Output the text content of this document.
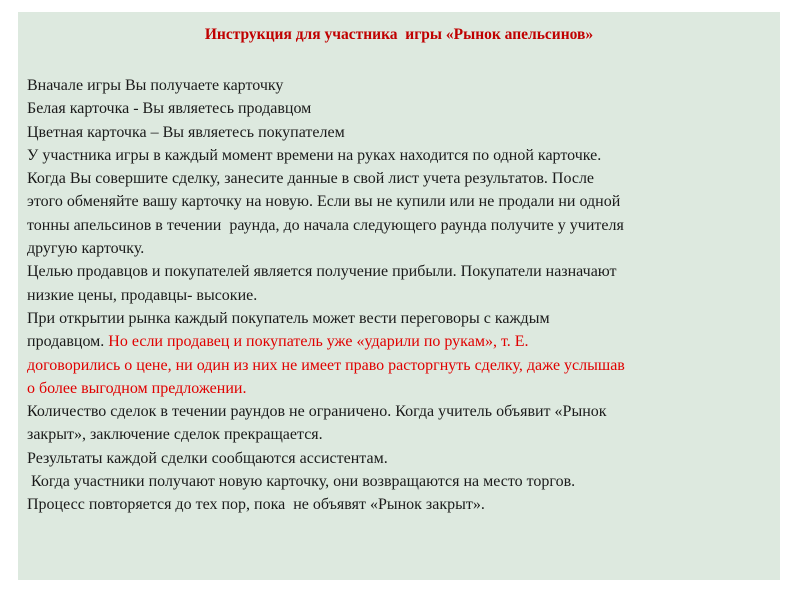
Инструкция для участника  игры «Рынок апельсинов»
Вначале игры Вы получаете карточку
Белая карточка - Вы являетесь продавцом
Цветная карточка – Вы являетесь покупателем
У участника игры в каждый момент времени на руках находится по одной карточке.
Когда Вы совершите сделку, занесите данные в свой лист учета результатов. После
этого обменяйте вашу карточку на новую. Если вы не купили или не продали ни одной
тонны апельсинов в течении  раунда, до начала следующего раунда получите у учителя
другую карточку.
Целью продавцов и покупателей является получение прибыли. Покупатели назначают
низкие цены, продавцы- высокие.
При открытии рынка каждый покупатель может вести переговоры с каждым
продавцом. Но если продавец и покупатель уже «ударили по рукам», т. Е.
договорились о цене, ни один из них не имеет право расторгнуть сделку, даже услышав
о более выгодном предложении.
Количество сделок в течении раундов не ограничено. Когда учитель объявит «Рынок
закрыт», заключение сделок прекращается.
Результаты каждой сделки сообщаются ассистентам.
Когда участники получают новую карточку, они возвращаются на место торгов.
Процесс повторяется до тех пор, пока  не объявят «Рынок закрыт».
